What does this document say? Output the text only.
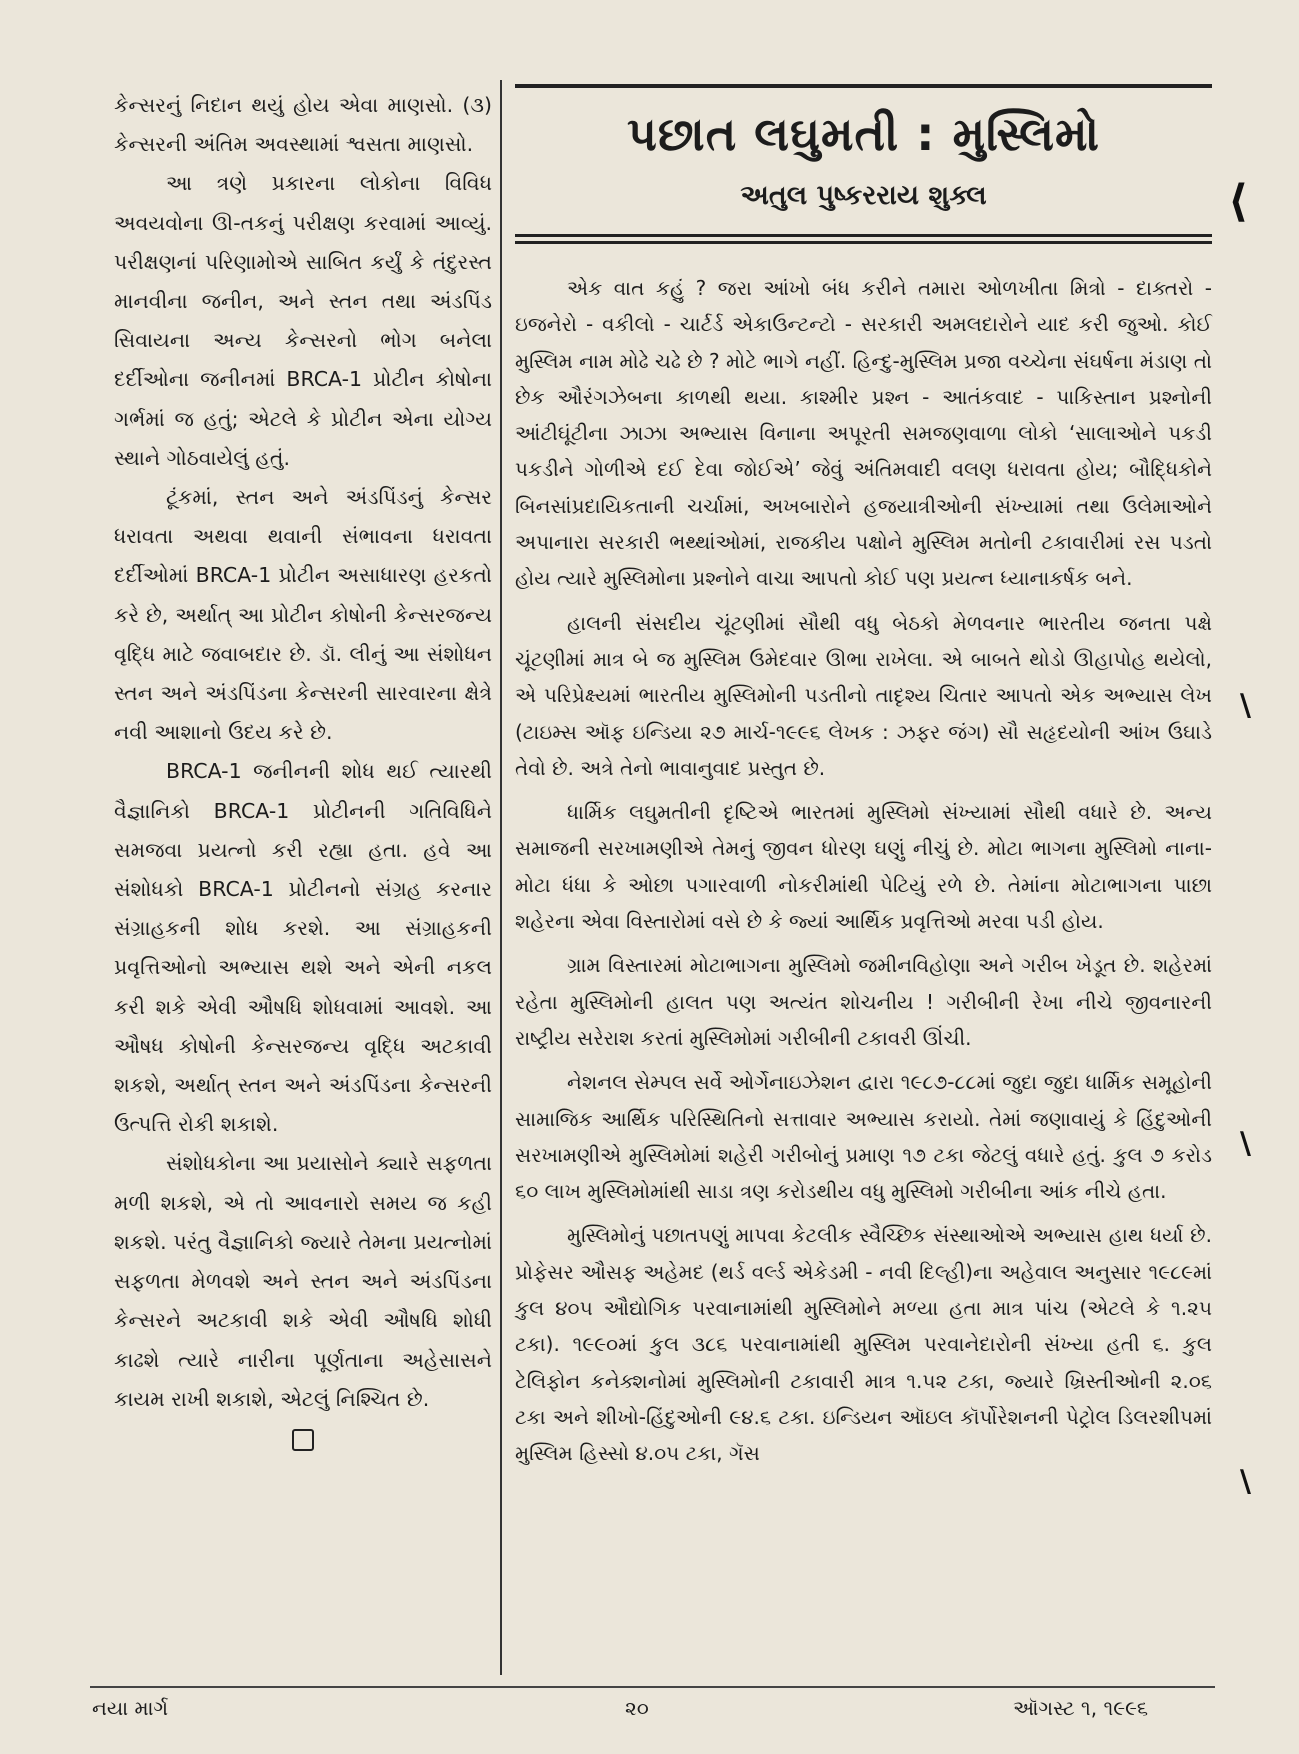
કેન્સરનું નિદાન થયું હોય એવા માણસો. (૩) કેન્સરની અંતિમ અવસ્થામાં શ્વસતા માણસો.

આ ત્રણે પ્રકારના લોકોના વિવિધ અવયવોના ઊ-તકનું પરીક્ષણ કરવામાં આવ્યું. પરીક્ષણનાં પરિણામોએ સાબિત કર્યું કે તંદુરસ્ત માનવીના જનીન, અને સ્તન તથા અંડપિંડ સિવાયના અન્ય કેન્સરનો ભોગ બનેલા દર્દીઓના જનીનમાં BRCA-1 પ્રોટીન કોષોના ગર્ભમાં જ હતું; એટલે કે પ્રોટીન એના યોગ્ય સ્થાને ગોઠવાયેલું હતું.

ટૂંકમાં, સ્તન અને અંડપિંડનું કેન્સર ધરાવતા અથવા થવાની સંભાવના ધરાવતા દર્દીઓમાં BRCA-1 પ્રોટીન અસાધારણ હરકતો કરે છે, અર્થાત્ આ પ્રોટીન કોષોની કેન્સરજન્ય વૃદ્ધિ માટે જવાબદાર છે. ડૉ. લીનું આ સંશોધન સ્તન અને અંડપિંડના કેન્સરની સારવારના ક્ષેત્રે નવી આશાનો ઉદય કરે છે.

BRCA-1 જનીનની શોધ થઈ ત્યારથી વૈજ્ઞાનિકો BRCA-1 પ્રોટીનની ગતિવિધિને સમજવા પ્રયત્નો કરી રહ્યા હતા. હવે આ સંશોધકો BRCA-1 પ્રોટીનનો સંગ્રહ કરનાર સંગ્રાહકની શોધ કરશે. આ સંગ્રાહકની પ્રવૃત્તિઓનો અભ્યાસ થશે અને એની નકલ કરી શકે એવી ઔષધિ શોધવામાં આવશે. આ ઔષધ કોષોની કેન્સરજન્ય વૃદ્ધિ અટકાવી શકશે, અર્થાત્ સ્તન અને અંડપિંડના કેન્સરની ઉત્પત્તિ રોકી શકાશે.

સંશોધકોના આ પ્રયાસોને ક્યારે સફળતા મળી શકશે, એ તો આવનારો સમય જ કહી શકશે. પરંતુ વૈજ્ઞાનિકો જ્યારે તેમના પ્રયત્નોમાં સફળતા મેળવશે અને સ્તન અને અંડપિંડના કેન્સરને અટકાવી શકે એવી ઔષધિ શોધી કાઢશે ત્યારે નારીના પૂર્ણતાના અહેસાસને કાયમ રાખી શકાશે, એટલું નિશ્ચિત છે.

પછાત લઘુમતી : મુસ્લિમો
અતુલ પુષ્કરરાય શુક્લ

એક વાત કહું ? જરા આંખો બંધ કરીને તમારા ઓળખીતા મિત્રો - દાક્તરો - ઇજનેરો - વકીલો - ચાર્ટર્ડ એકાઉન્ટન્ટો - સરકારી અમલદારોને યાદ કરી જુઓ. કોઈ મુસ્લિમ નામ મોઢે ચઢે છે ? મોટે ભાગે નહીં. હિન્દુ-મુસ્લિમ પ્રજા વચ્ચેના સંઘર્ષના મંડાણ તો છેક ઔરંગઝેબના કાળથી થયા. કાશ્મીર પ્રશ્ન - આતંકવાદ - પાકિસ્તાન પ્રશ્નોની આંટીઘૂંટીના ઝાઝા અભ્યાસ વિનાના અપૂરતી સમજણવાળા લોકો ‘સાલાઓને પકડી પકડીને ગોળીએ દઈ દેવા જોઈએ’ જેવું અંતિમવાદી વલણ ધરાવતા હોય; બૌદ્ધિકોને બિનસાંપ્રદાયિકતાની ચર્ચામાં, અખબારોને હજયાત્રીઓની સંખ્યામાં તથા ઉલેમાઓને અપાનારા સરકારી ભથ્થાંઓમાં, રાજકીય પક્ષોને મુસ્લિમ મતોની ટકાવારીમાં રસ પડતો હોય ત્યારે મુસ્લિમોના પ્રશ્નોને વાચા આપતો કોઈ પણ પ્રયત્ન ધ્યાનાકર્ષક બને.

હાલની સંસદીય ચૂંટણીમાં સૌથી વધુ બેઠકો મેળવનાર ભારતીય જનતા પક્ષે ચૂંટણીમાં માત્ર બે જ મુસ્લિમ ઉમેદવાર ઊભા રાખેલા. એ બાબતે થોડો ઊહાપોહ થયેલો, એ પરિપ્રેક્ષ્યમાં ભારતીય મુસ્લિમોની પડતીનો તાદૃશ્ય ચિતાર આપતો એક અભ્યાસ લેખ (ટાઇમ્સ ઑફ ઇન્ડિયા ૨૭ માર્ચ-૧૯૯૬ લેખક : ઝફર જંગ) સૌ સહૃદયોની આંખ ઉઘાડે તેવો છે. અત્રે તેનો ભાવાનુવાદ પ્રસ્તુત છે.

ધાર્મિક લઘુમતીની દૃષ્ટિએ ભારતમાં મુસ્લિમો સંખ્યામાં સૌથી વધારે છે. અન્ય સમાજની સરખામણીએ તેમનું જીવન ધોરણ ઘણું નીચું છે. મોટા ભાગના મુસ્લિમો નાના-મોટા ધંધા કે ઓછા પગારવાળી નોકરીમાંથી પેટિયું રળે છે. તેમાંના મોટાભાગના પાછા શહેરના એવા વિસ્તારોમાં વસે છે કે જ્યાં આર્થિક પ્રવૃત્તિઓ મરવા પડી હોય.

ગ્રામ વિસ્તારમાં મોટાભાગના મુસ્લિમો જમીનવિહોણા અને ગરીબ ખેડૂત છે. શહેરમાં રહેતા મુસ્લિમોની હાલત પણ અત્યંત શોચનીય ! ગરીબીની રેખા નીચે જીવનારની રાષ્ટ્રીય સરેરાશ કરતાં મુસ્લિમોમાં ગરીબીની ટકાવરી ઊંચી.

નેશનલ સેમ્પલ સર્વે ઓર્ગેનાઇઝેશન દ્વારા ૧૯૮૭-૮૮માં જુદા જુદા ધાર્મિક સમૂહોની સામાજિક આર્થિક પરિસ્થિતિનો સત્તાવાર અભ્યાસ કરાયો. તેમાં જણાવાયું કે હિંદુઓની સરખામણીએ મુસ્લિમોમાં શહેરી ગરીબોનું પ્રમાણ ૧૭ ટકા જેટલું વધારે હતું. કુલ ૭ કરોડ ૬૦ લાખ મુસ્લિમોમાંથી સાડા ત્રણ કરોડથીય વધુ મુસ્લિમો ગરીબીના આંક નીચે હતા.

મુસ્લિમોનું પછાતપણું માપવા કેટલીક સ્વૈચ્છિક સંસ્થાઓએ અભ્યાસ હાથ ધર્યા છે. પ્રોફેસર ઔસફ અહેમદ (થર્ડ વર્લ્ડ એકેડમી - નવી દિલ્હી)ના અહેવાલ અનુસાર ૧૯૮૯માં કુલ ૪૦૫ ઔદ્યોગિક પરવાનામાંથી મુસ્લિમોને મળ્યા હતા માત્ર પાંચ (એટલે કે ૧.૨૫ ટકા). ૧૯૯૦માં કુલ ૩૮૬ પરવાનામાંથી મુસ્લિમ પરવાનેદારોની સંખ્યા હતી ૬. કુલ ટેલિફોન કનેક્શનોમાં મુસ્લિમોની ટકાવારી માત્ર ૧.૫૨ ટકા, જ્યારે ખ્રિસ્તીઓની ૨.૦૬ ટકા અને શીખો-હિંદુઓની ૯૪.૬ ટકા. ઇન્ડિયન ઑઇલ કૉર્પોરેશનની પેટ્રોલ ડિલરશીપમાં મુસ્લિમ હિસ્સો ૪.૦૫ ટકા, ગૅસ

⟨
\
\
\
નયા માર્ગ	૨૦	ઑગસ્ટ ૧, ૧૯૯૬
